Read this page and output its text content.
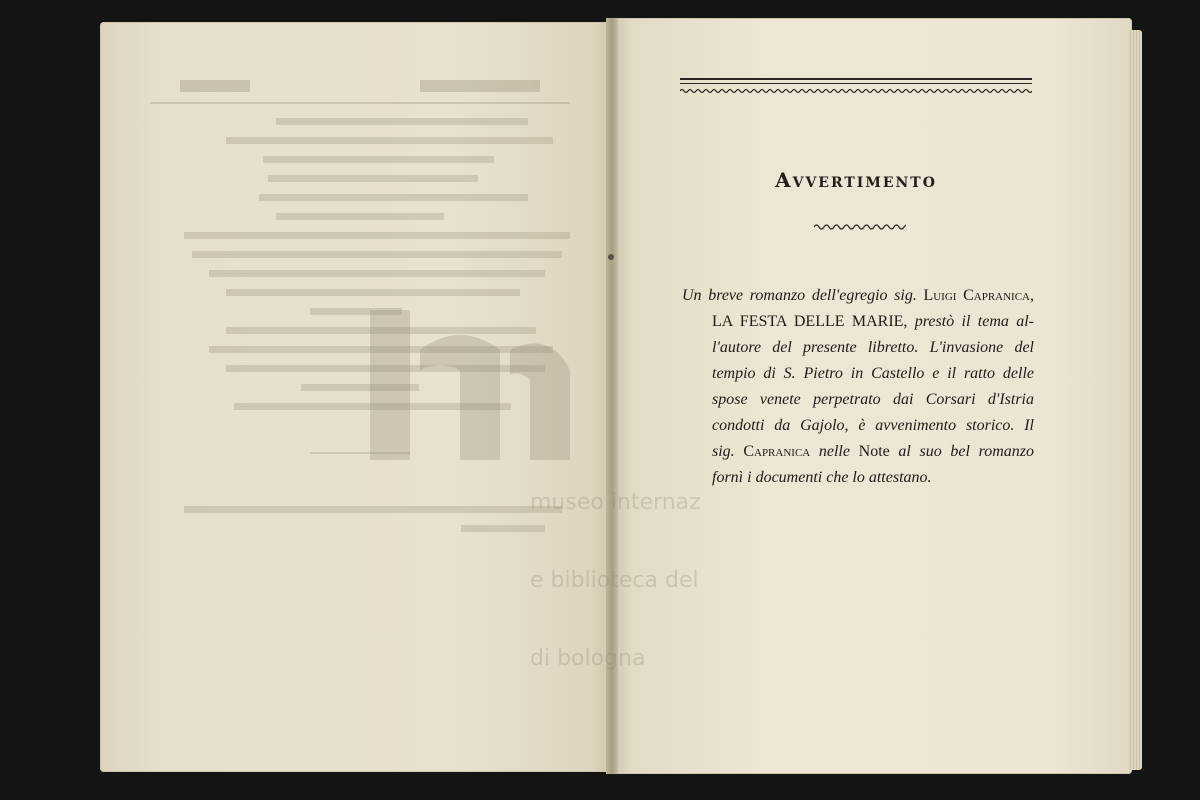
museo internaz

e biblioteca del

di bologna

Avvertimento

Un breve romanzo dell'egregio sig. Luigi Capranica,
LA FESTA DELLE MARIE, prestò il tema al-
l'autore del presente libretto. L'invasione del
tempio di S. Pietro in Castello e il ratto delle
spose venete perpetrato dai Corsari d'Istria
condotti da Gajolo, è avvenimento storico. Il
sig. Capranica nelle Note al suo bel romanzo
fornì i documenti che lo attestano.
